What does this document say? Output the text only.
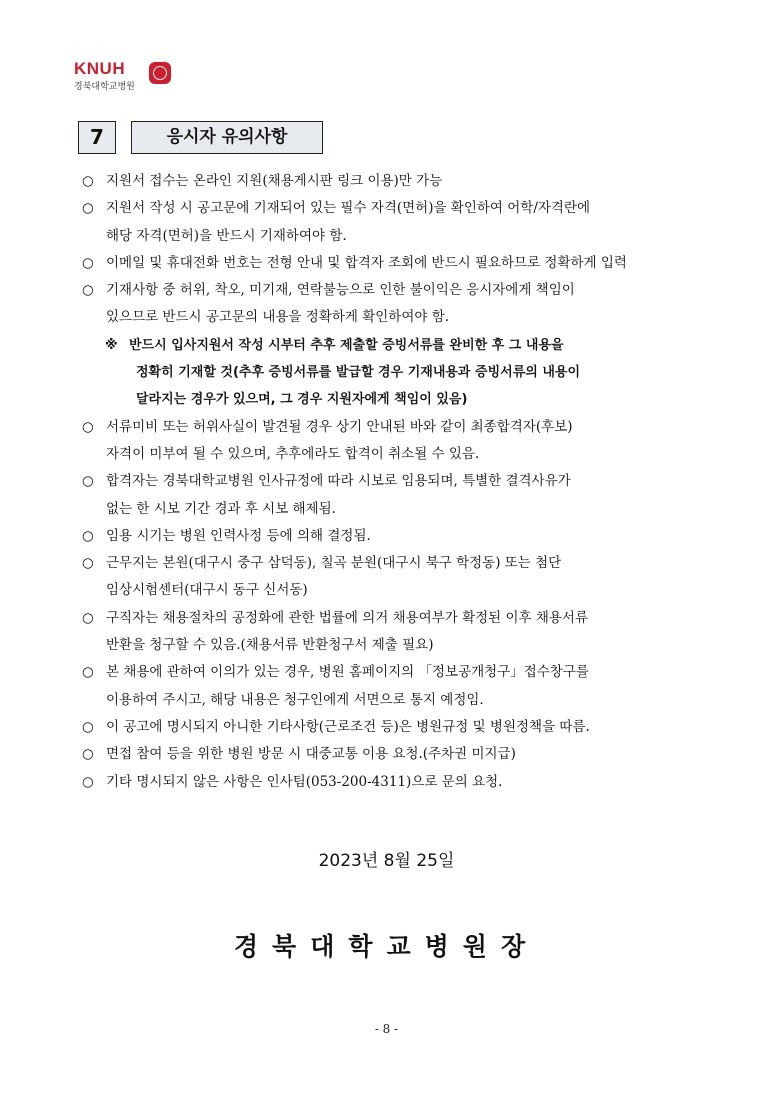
KNUH
경북대학교병원
7	응시자 유의사항
○ 지원서 접수는 온라인 지원(채용게시판 링크 이용)만 가능
○ 지원서 작성 시 공고문에 기재되어 있는 필수 자격(면허)을 확인하여 어학/자격란에
해당 자격(면허)을 반드시 기재하여야 함.
○ 이메일 및 휴대전화 번호는 전형 안내 및 합격자 조회에 반드시 필요하므로 정확하게 입력
○ 기재사항 중 허위, 착오, 미기재, 연락불능으로 인한 불이익은 응시자에게 책임이
있으므로 반드시 공고문의 내용을 정확하게 확인하여야 함.
※ 반드시 입사지원서 작성 시부터 추후 제출할 증빙서류를 완비한 후 그 내용을
정확히 기재할 것(추후 증빙서류를 발급할 경우 기재내용과 증빙서류의 내용이
달라지는 경우가 있으며, 그 경우 지원자에게 책임이 있음)
○ 서류미비 또는 허위사실이 발견될 경우 상기 안내된 바와 같이 최종합격자(후보)
자격이 미부여 될 수 있으며, 추후에라도 합격이 취소될 수 있음.
○ 합격자는 경북대학교병원 인사규정에 따라 시보로 임용되며, 특별한 결격사유가
없는 한 시보 기간 경과 후 시보 해제됨.
○ 임용 시기는 병원 인력사정 등에 의해 결정됨.
○ 근무지는 본원(대구시 중구 삼덕동), 칠곡 분원(대구시 북구 학정동) 또는 첨단
임상시험센터(대구시 동구 신서동)
○ 구직자는 채용절차의 공정화에 관한 법률에 의거 채용여부가 확정된 이후 채용서류
반환을 청구할 수 있음.(채용서류 반환청구서 제출 필요)
○ 본 채용에 관하여 이의가 있는 경우, 병원 홈페이지의 「정보공개청구」접수창구를
이용하여 주시고, 해당 내용은 청구인에게 서면으로 통지 예정임.
○ 이 공고에 명시되지 아니한 기타사항(근로조건 등)은 병원규정 및 병원정책을 따름.
○ 면접 참여 등을 위한 병원 방문 시 대중교통 이용 요청.(주차권 미지급)
○ 기타 명시되지 않은 사항은 인사팀(053-200-4311)으로 문의 요청.
2023년 8월 25일
경북대학교병원장
- 8 -
